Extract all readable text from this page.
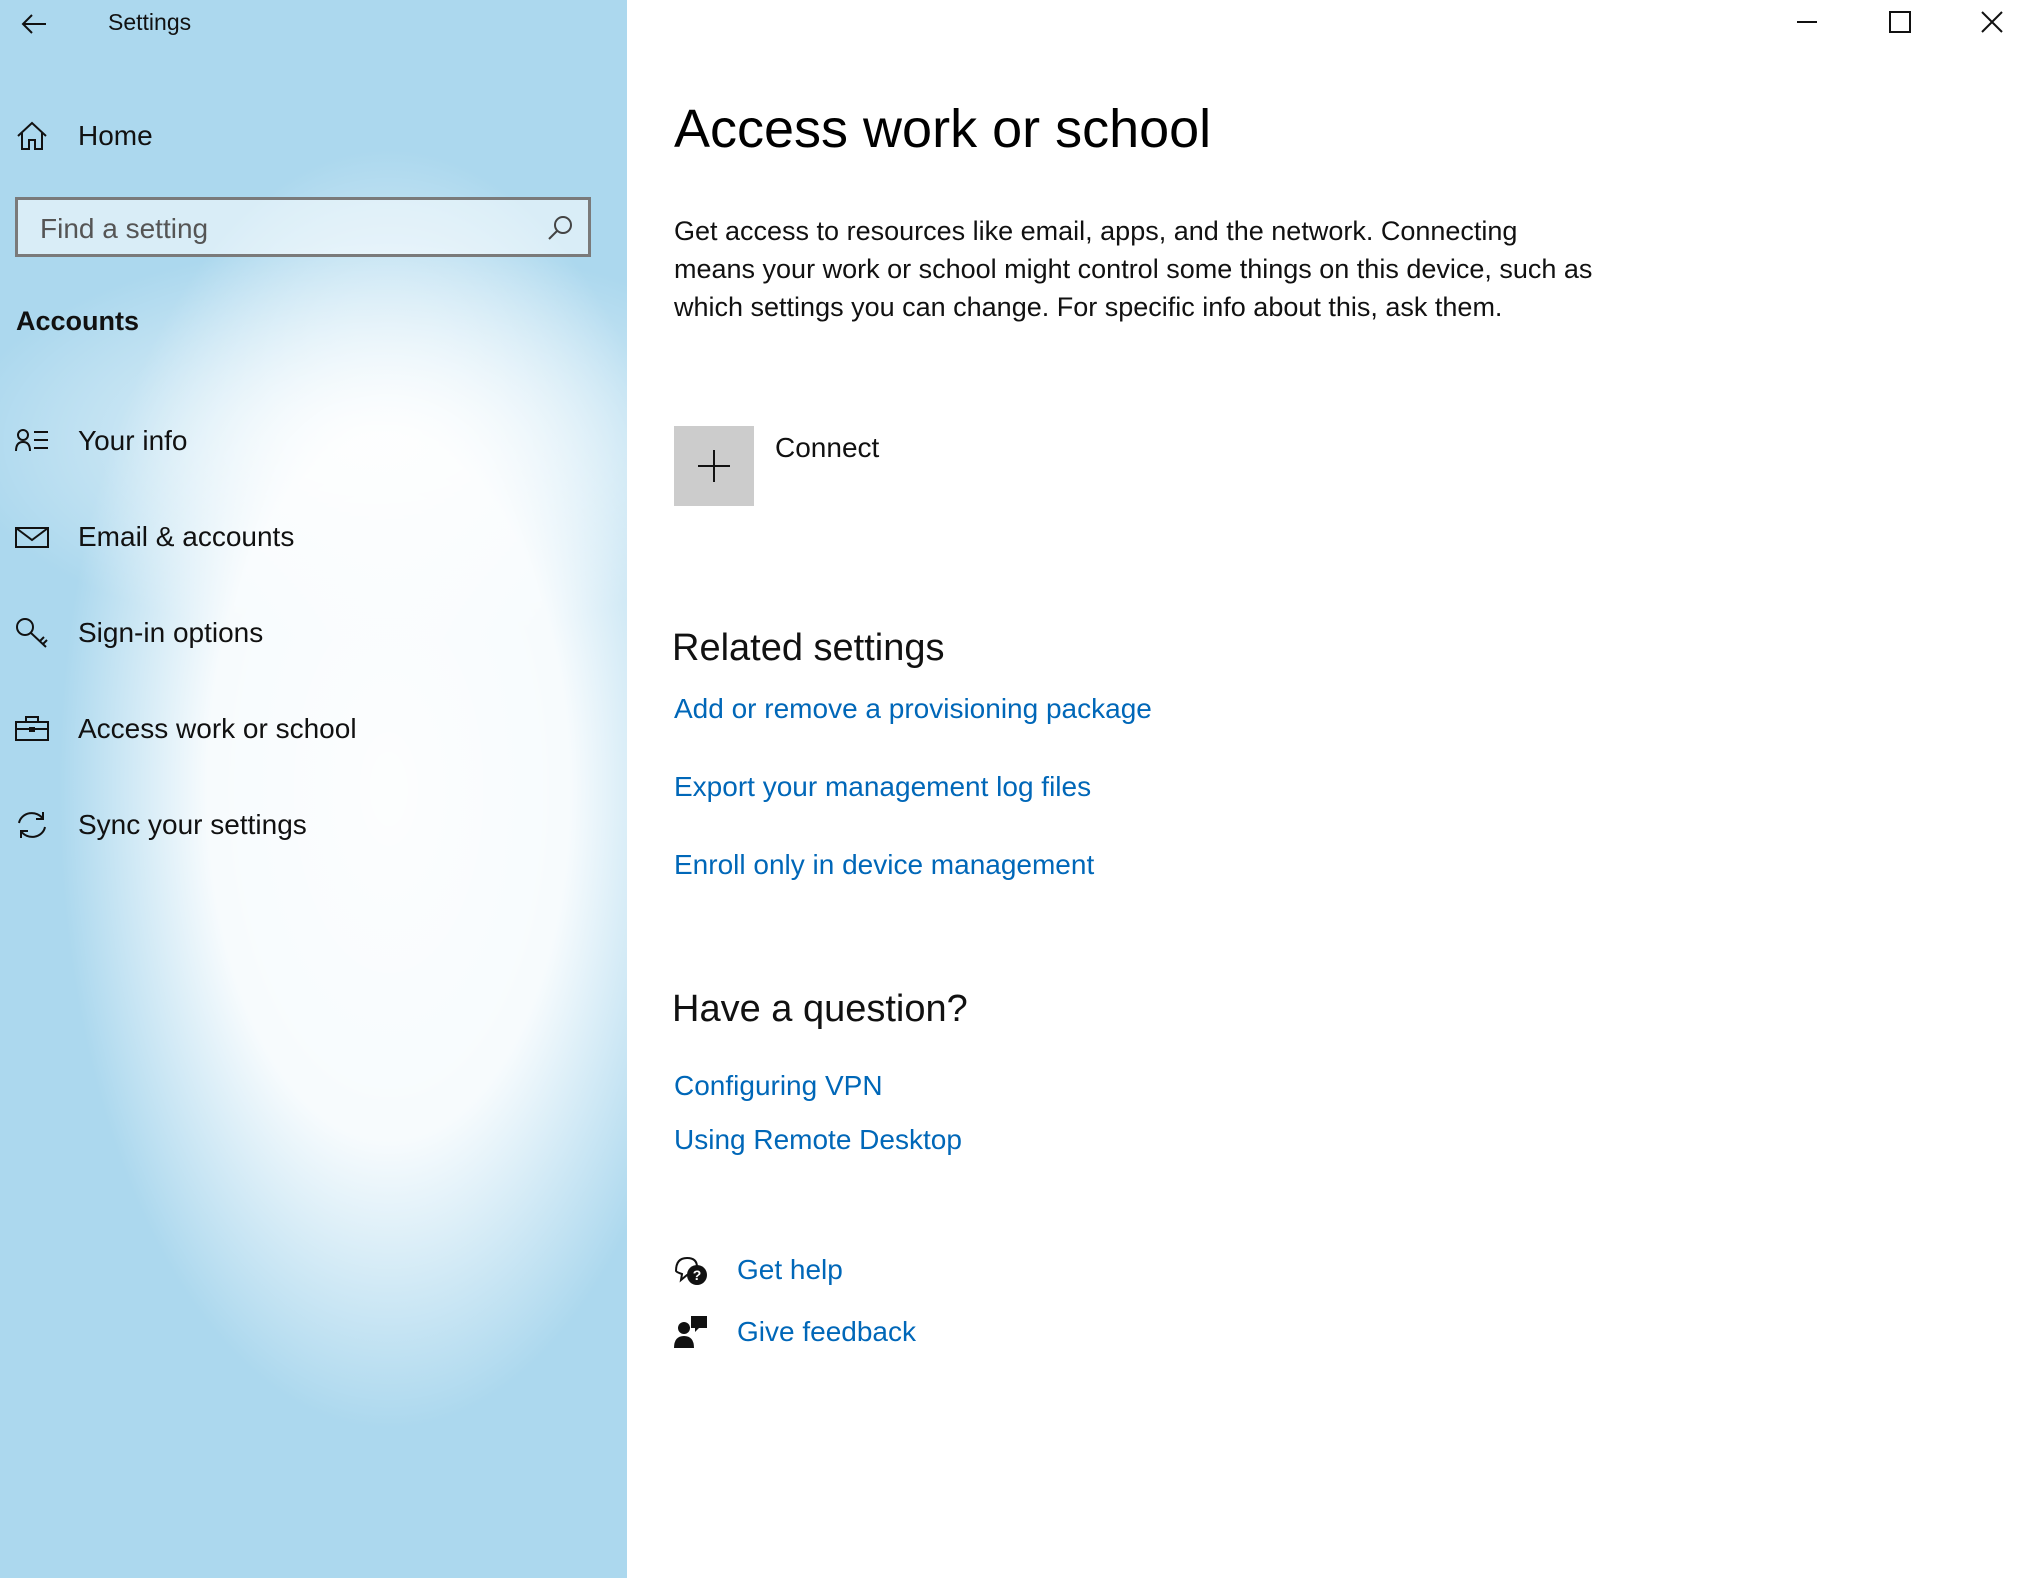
Settings
Home
Find a setting
Accounts
Your info
Email & accounts
Sign-in options
Access work or school
Sync your settings
Access work or school
Get access to resources like email, apps, and the network. Connecting means your work or school might control some things on this device, such as which settings you can change. For specific info about this, ask them.
Connect
Related settings
Add or remove a provisioning package
Export your management log files
Enroll only in device management
Have a question?
Configuring VPN
Using Remote Desktop
? Get help
Give feedback
